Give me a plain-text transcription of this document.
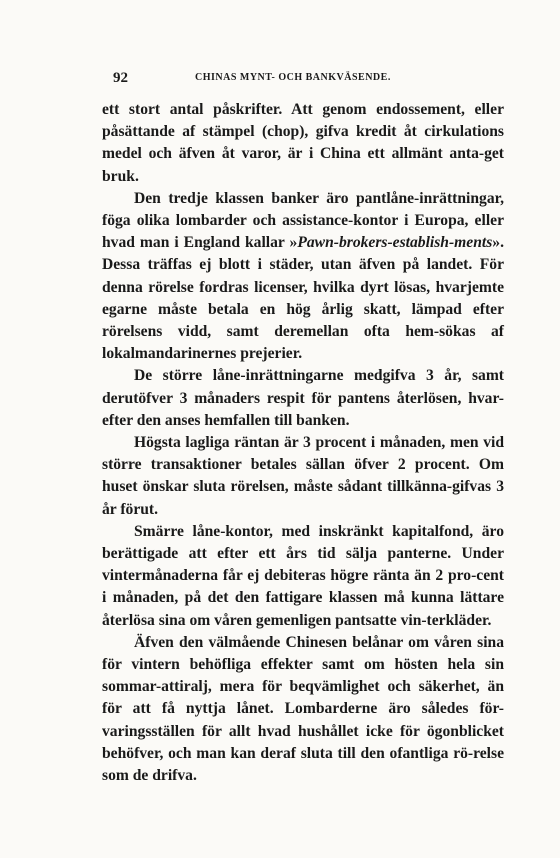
92	CHINAS MYNT- OCH BANKVÄSENDE.

ett stort antal påskrifter. Att genom endossement, eller påsättande af stämpel (chop), gifva kredit åt cirkulations medel och äfven åt varor, är i China ett allmänt anta-get bruk.

Den tredje klassen banker äro pantlåne-inrättningar, föga olika lombarder och assistance-kontor i Europa, eller hvad man i England kallar »Pawn-brokers-establish-ments». Dessa träffas ej blott i städer, utan äfven på landet. För denna rörelse fordras licenser, hvilka dyrt lösas, hvarjemte egarne måste betala en hög årlig skatt, lämpad efter rörelsens vidd, samt deremellan ofta hem-sökas af lokalmandarinernes prejerier.

De större låne-inrättningarne medgifva 3 år, samt derutöfver 3 månaders respit för pantens återlösen, hvar-efter den anses hemfallen till banken.

Högsta lagliga räntan är 3 procent i månaden, men vid större transaktioner betales sällan öfver 2 procent. Om huset önskar sluta rörelsen, måste sådant tillkänna-gifvas 3 år förut.

Smärre låne-kontor, med inskränkt kapitalfond, äro berättigade att efter ett års tid sälja panterne. Under vintermånaderna får ej debiteras högre ränta än 2 pro-cent i månaden, på det den fattigare klassen må kunna lättare återlösa sina om våren gemenligen pantsatte vin-terkläder.

Äfven den välmående Chinesen belånar om våren sina för vintern behöfliga effekter samt om hösten hela sin sommar-attiralj, mera för beqvämlighet och säkerhet, än för att få nyttja lånet. Lombarderne äro således för-varingsställen för allt hvad hushållet icke för ögonblicket behöfver, och man kan deraf sluta till den ofantliga rö-relse som de drifva.
